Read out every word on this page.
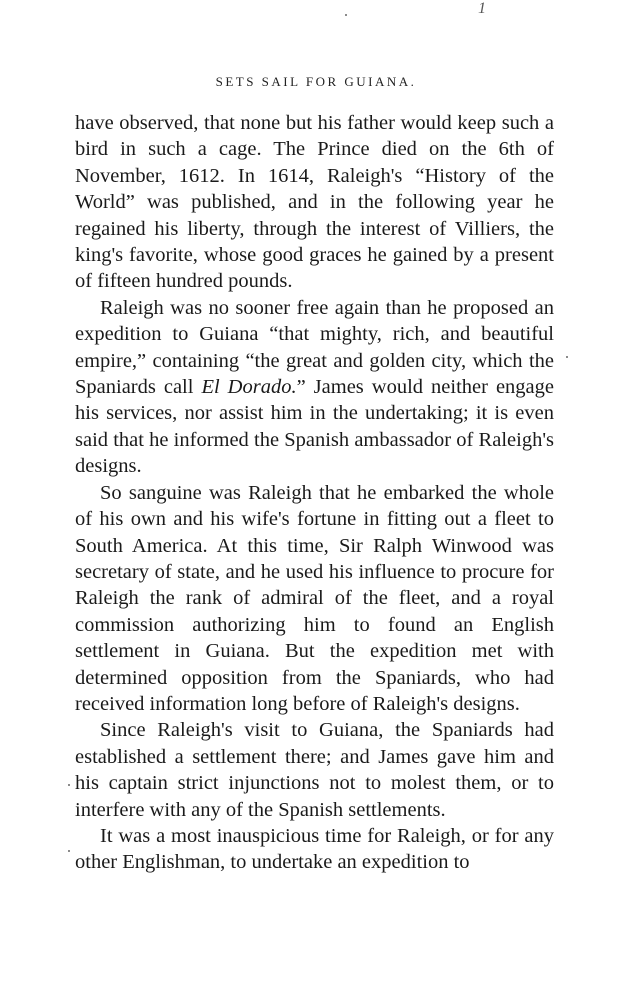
1
SETS SAIL FOR GUIANA.

have observed, that none but his father would keep such a bird in such a cage. The Prince died on the 6th of November, 1612. In 1614, Raleigh's “History of the World” was published, and in the following year he regained his liberty, through the interest of Villiers, the king's favorite, whose good graces he gained by a present of fifteen hundred pounds.

Raleigh was no sooner free again than he proposed an expedition to Guiana “that mighty, rich, and beautiful empire,” containing “the great and golden city, which the Spaniards call El Dorado.” James would neither engage his services, nor assist him in the undertaking; it is even said that he informed the Spanish ambassador of Raleigh's designs.

So sanguine was Raleigh that he embarked the whole of his own and his wife's fortune in fitting out a fleet to South America. At this time, Sir Ralph Winwood was secretary of state, and he used his influence to procure for Raleigh the rank of admiral of the fleet, and a royal commission authorizing him to found an English settlement in Guiana. But the expedition met with determined opposition from the Spaniards, who had received information long before of Raleigh's designs.

Since Raleigh's visit to Guiana, the Spaniards had established a settlement there; and James gave him and his captain strict injunctions not to molest them, or to interfere with any of the Spanish settlements.

It was a most inauspicious time for Raleigh, or for any other Englishman, to undertake an expedition to
